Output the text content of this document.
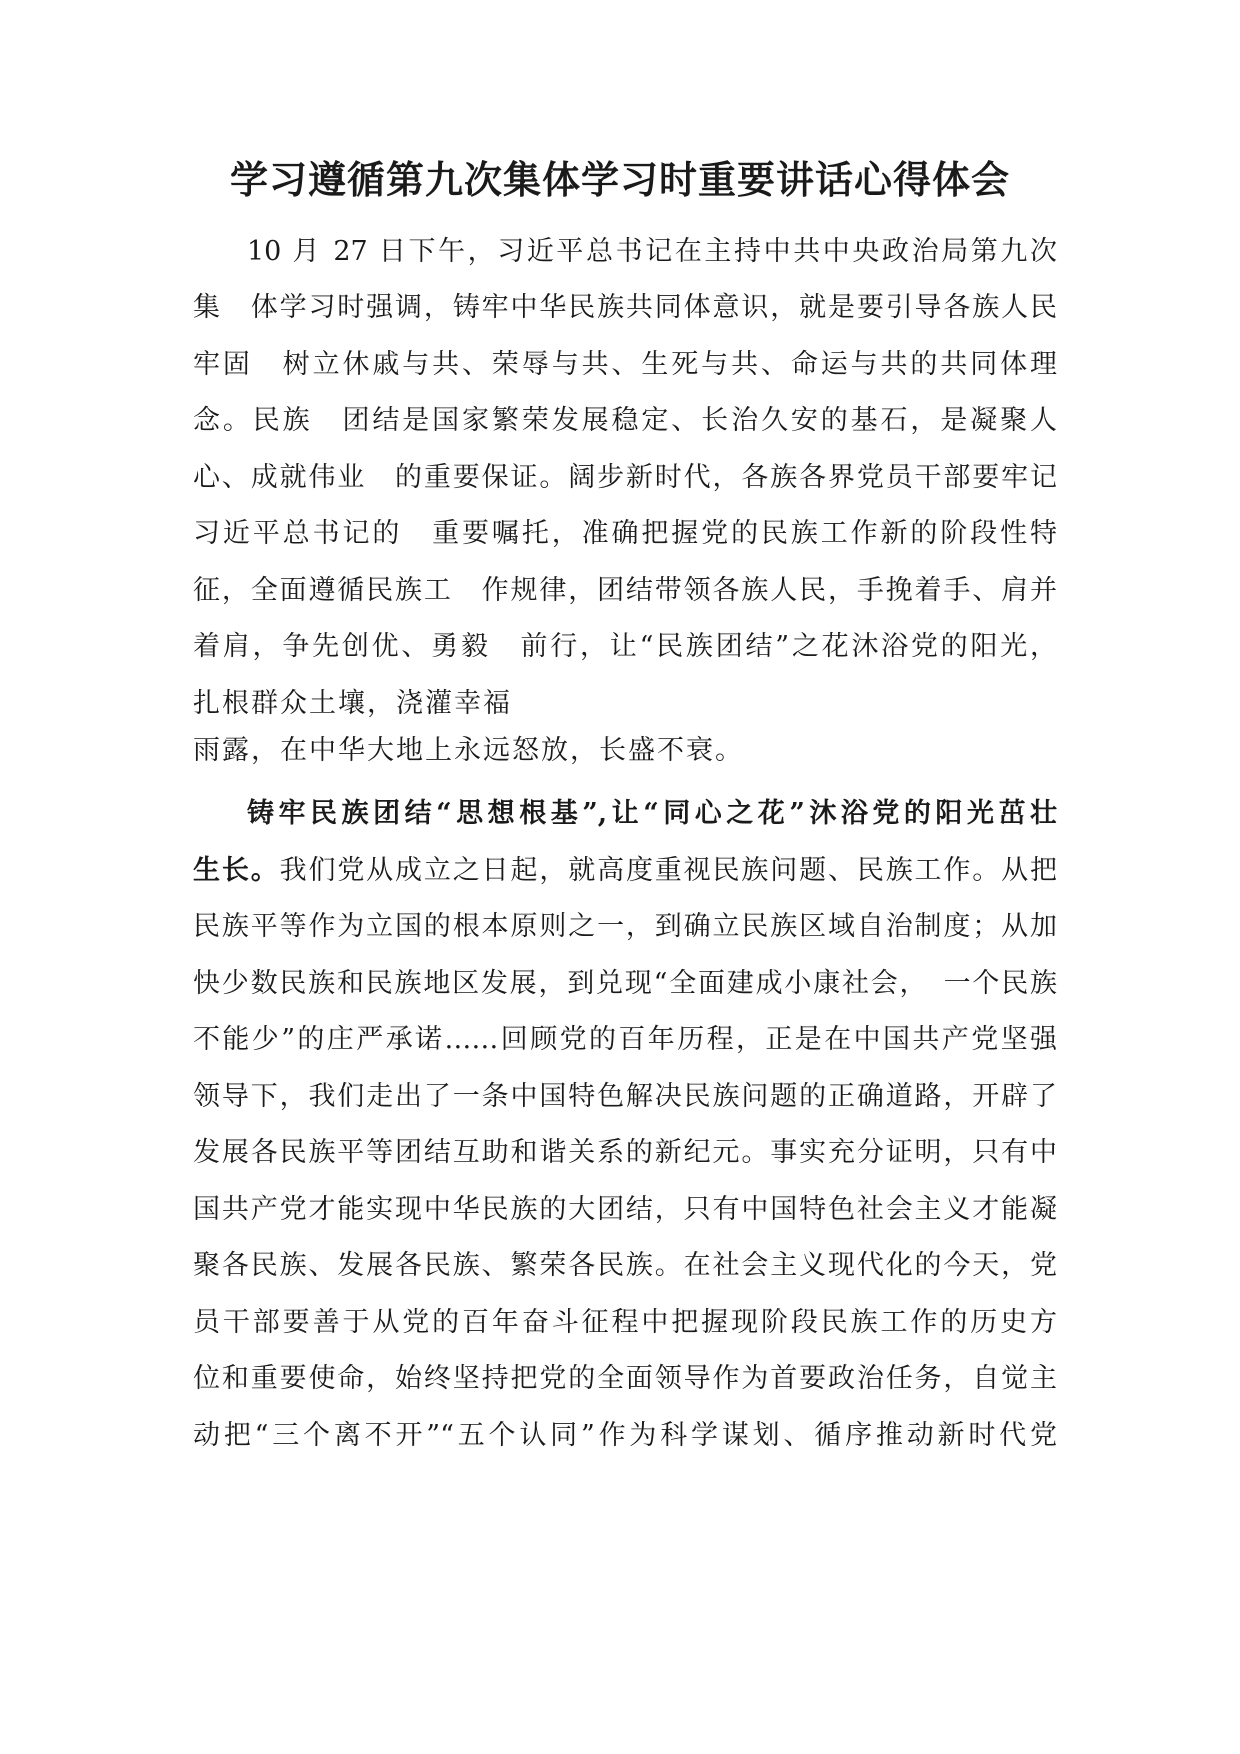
学习遵循第九次集体学习时重要讲话心得体会

10 月 27 日下午，习近平总书记在主持中共中央政治局第九次

集　体学习时强调，铸牢中华民族共同体意识，就是要引导各族人民

牢固　树立休戚与共、荣辱与共、生死与共、命运与共的共同体理

念。民族　团结是国家繁荣发展稳定、长治久安的基石，是凝聚人

心、成就伟业　的重要保证。阔步新时代，各族各界党员干部要牢记

习近平总书记的　重要嘱托，准确把握党的民族工作新的阶段性特

征，全面遵循民族工　作规律，团结带领各族人民，手挽着手、肩并

着肩，争先创优、勇毅　前行，让“民族团结”之花沐浴党的阳光，

扎根群众土壤，浇灌幸福

雨露，在中华大地上永远怒放，长盛不衰。

铸牢民族团结“思想根基”,让“同心之花”沐浴党的阳光茁壮

生长。我们党从成立之日起，就高度重视民族问题、民族工作。从把

民族平等作为立国的根本原则之一，到确立民族区域自治制度；从加

快少数民族和民族地区发展，到兑现“全面建成小康社会，　一个民族

不能少”的庄严承诺……回顾党的百年历程，正是在中国共产党坚强

领导下，我们走出了一条中国特色解决民族问题的正确道路，开辟了

发展各民族平等团结互助和谐关系的新纪元。事实充分证明，只有中

国共产党才能实现中华民族的大团结，只有中国特色社会主义才能凝

聚各民族、发展各民族、繁荣各民族。在社会主义现代化的今天，党

员干部要善于从党的百年奋斗征程中把握现阶段民族工作的历史方

位和重要使命，始终坚持把党的全面领导作为首要政治任务，自觉主

动把“三个离不开”“五个认同”作为科学谋划、循序推动新时代党
